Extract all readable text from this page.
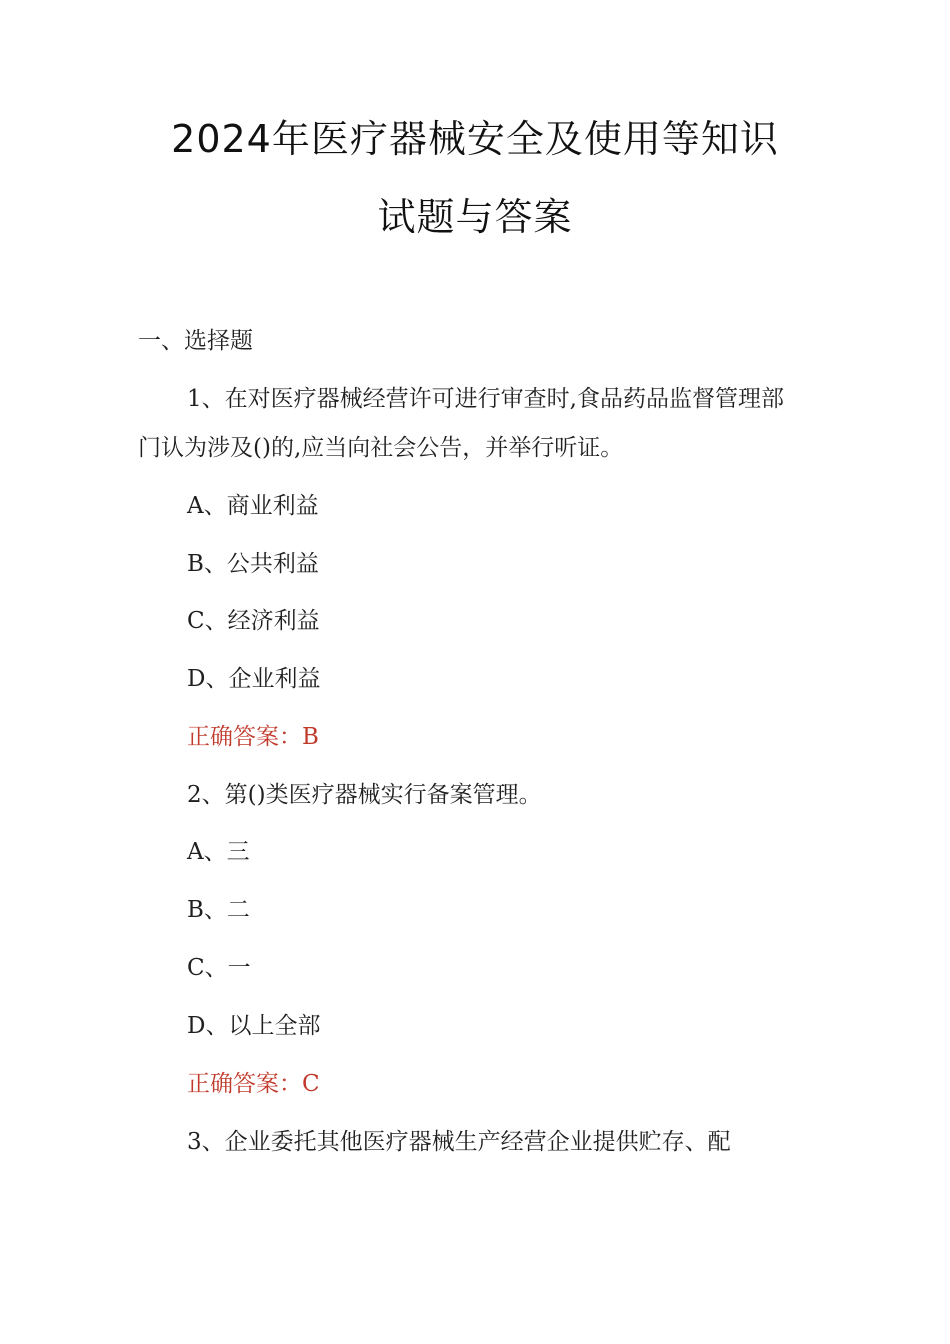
2024年医疗器械安全及使用等知识
试题与答案
一、选择题
1、在对医疗器械经营许可进行审查时,食品药品监督管理部
门认为涉及()的,应当向社会公告，并举行听证。
A、商业利益
B、公共利益
C、经济利益
D、企业利益
正确答案：B
2、第()类医疗器械实行备案管理。
A、三
B、二
C、一
D、以上全部
正确答案：C
3、企业委托其他医疗器械生产经营企业提供贮存、配
